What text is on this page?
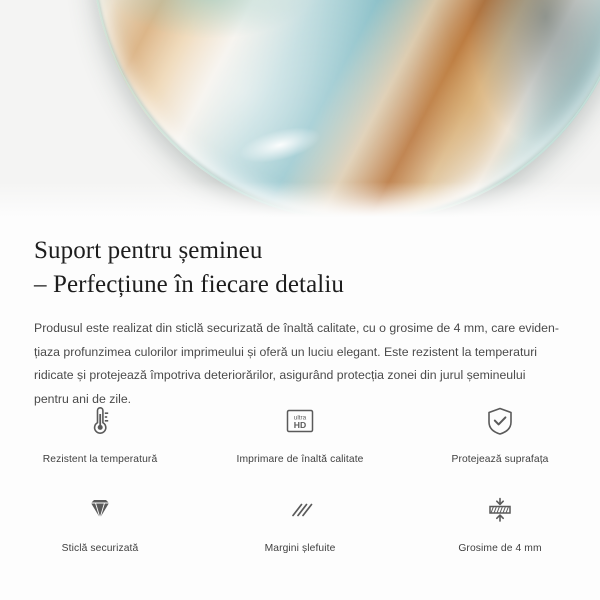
Suport pentru șemineu
– Perfecțiune în fiecare detaliu

Produsul este realizat din sticlă securizată de înaltă calitate, cu o grosime de 4 mm, care eviden-țiaza profunzimea culorilor imprimeului și oferă un luciu elegant. Este rezistent la temperaturi ridicate și protejează împotriva deteriorărilor, asigurând protecția zonei din jurul șemineului pentru ani de zile.

Rezistent la temperatură
ultra
HD
Imprimare de înaltă calitate	Protejează suprafața
Sticlă securizată	Margini șlefuite	Grosime de 4 mm
